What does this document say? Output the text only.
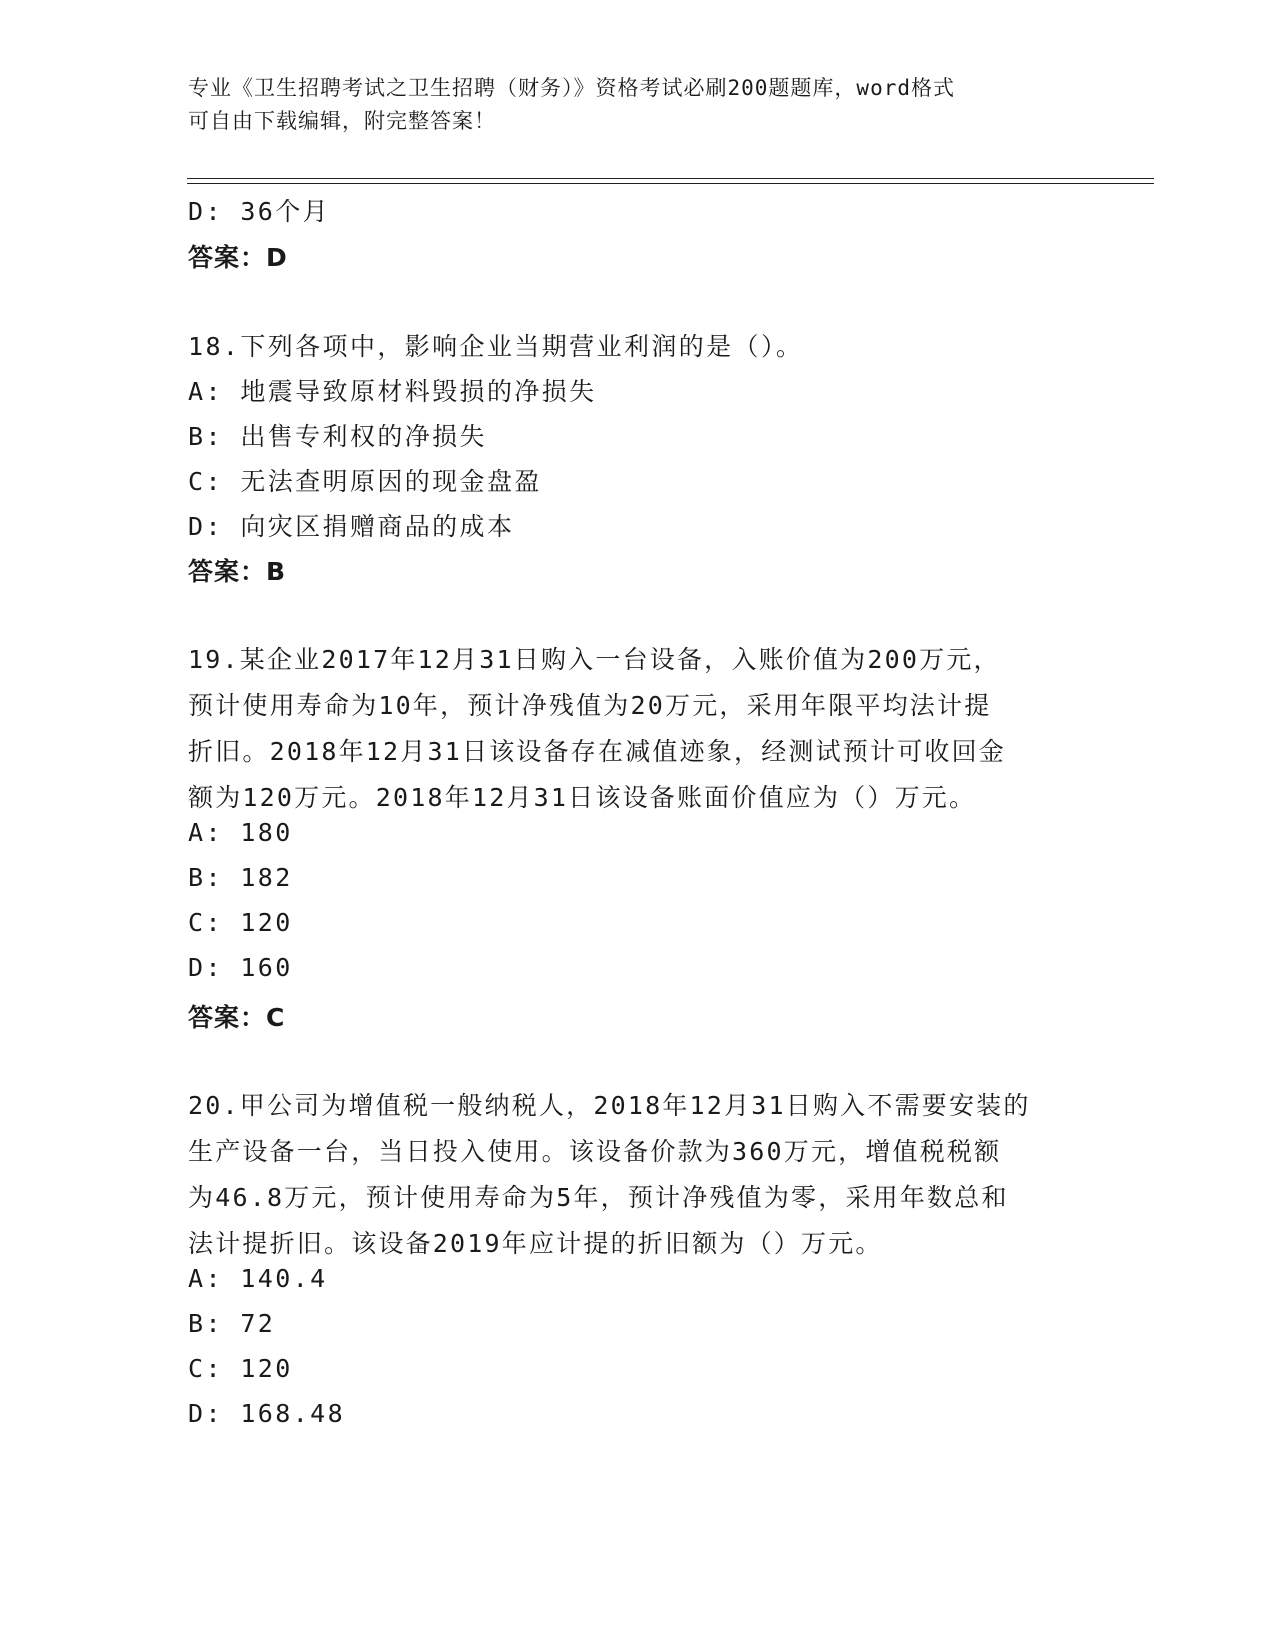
专业《卫生招聘考试之卫生招聘（财务）》资格考试必刷200题题库，word格式
可自由下载编辑，附完整答案！
D: 36个月
答案：D
18.下列各项中，影响企业当期营业利润的是（）。
A: 地震导致原材料毁损的净损失
B: 出售专利权的净损失
C: 无法查明原因的现金盘盈
D: 向灾区捐赠商品的成本
答案：B
19.某企业2017年12月31日购入一台设备，入账价值为200万元，
预计使用寿命为10年，预计净残值为20万元，采用年限平均法计提
折旧。2018年12月31日该设备存在减值迹象，经测试预计可收回金
额为120万元。2018年12月31日该设备账面价值应为（）万元。
A: 180
B: 182
C: 120
D: 160
答案：C
20.甲公司为增值税一般纳税人，2018年12月31日购入不需要安装的
生产设备一台，当日投入使用。该设备价款为360万元，增值税税额
为46.8万元，预计使用寿命为5年，预计净残值为零，采用年数总和
法计提折旧。该设备2019年应计提的折旧额为（）万元。
A: 140.4
B: 72
C: 120
D: 168.48
